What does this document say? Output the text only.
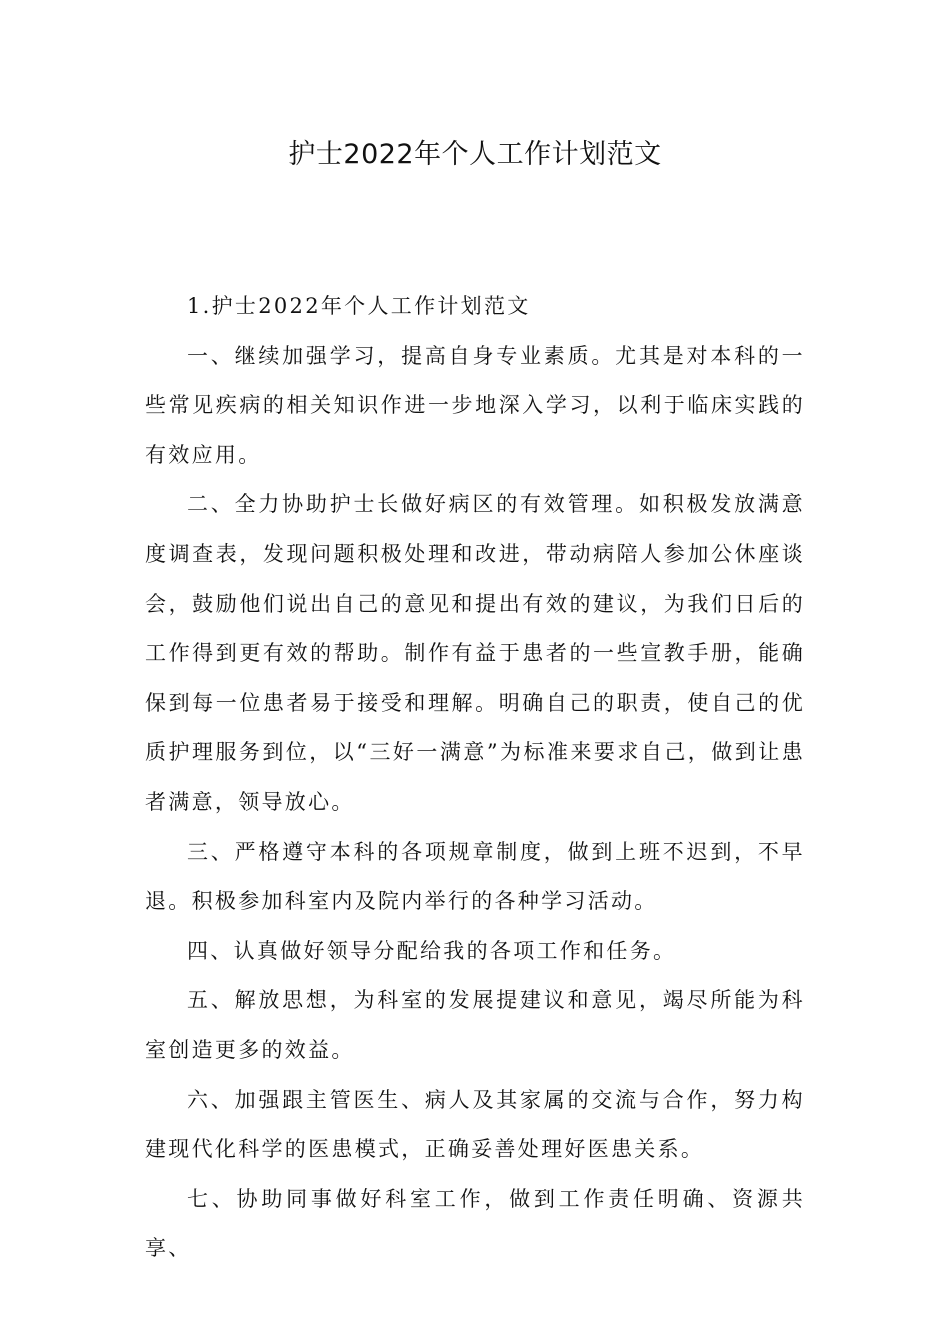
护士2022年个人工作计划范文

1.护士2022年个人工作计划范文

一、继续加强学习，提高自身专业素质。尤其是对本科的一些常见疾病的相关知识作进一步地深入学习，以利于临床实践的有效应用。

二、全力协助护士长做好病区的有效管理。如积极发放满意度调查表，发现问题积极处理和改进，带动病陪人参加公休座谈会，鼓励他们说出自己的意见和提出有效的建议，为我们日后的工作得到更有效的帮助。制作有益于患者的一些宣教手册，能确保到每一位患者易于接受和理解。明确自己的职责，使自己的优质护理服务到位，以“三好一满意”为标准来要求自己，做到让患者满意，领导放心。

三、严格遵守本科的各项规章制度，做到上班不迟到，不早退。积极参加科室内及院内举行的各种学习活动。

四、认真做好领导分配给我的各项工作和任务。

五、解放思想，为科室的发展提建议和意见，竭尽所能为科室创造更多的效益。

六、加强跟主管医生、病人及其家属的交流与合作，努力构建现代化科学的医患模式，正确妥善处理好医患关系。

七、协助同事做好科室工作，做到工作责任明确、资源共享、
